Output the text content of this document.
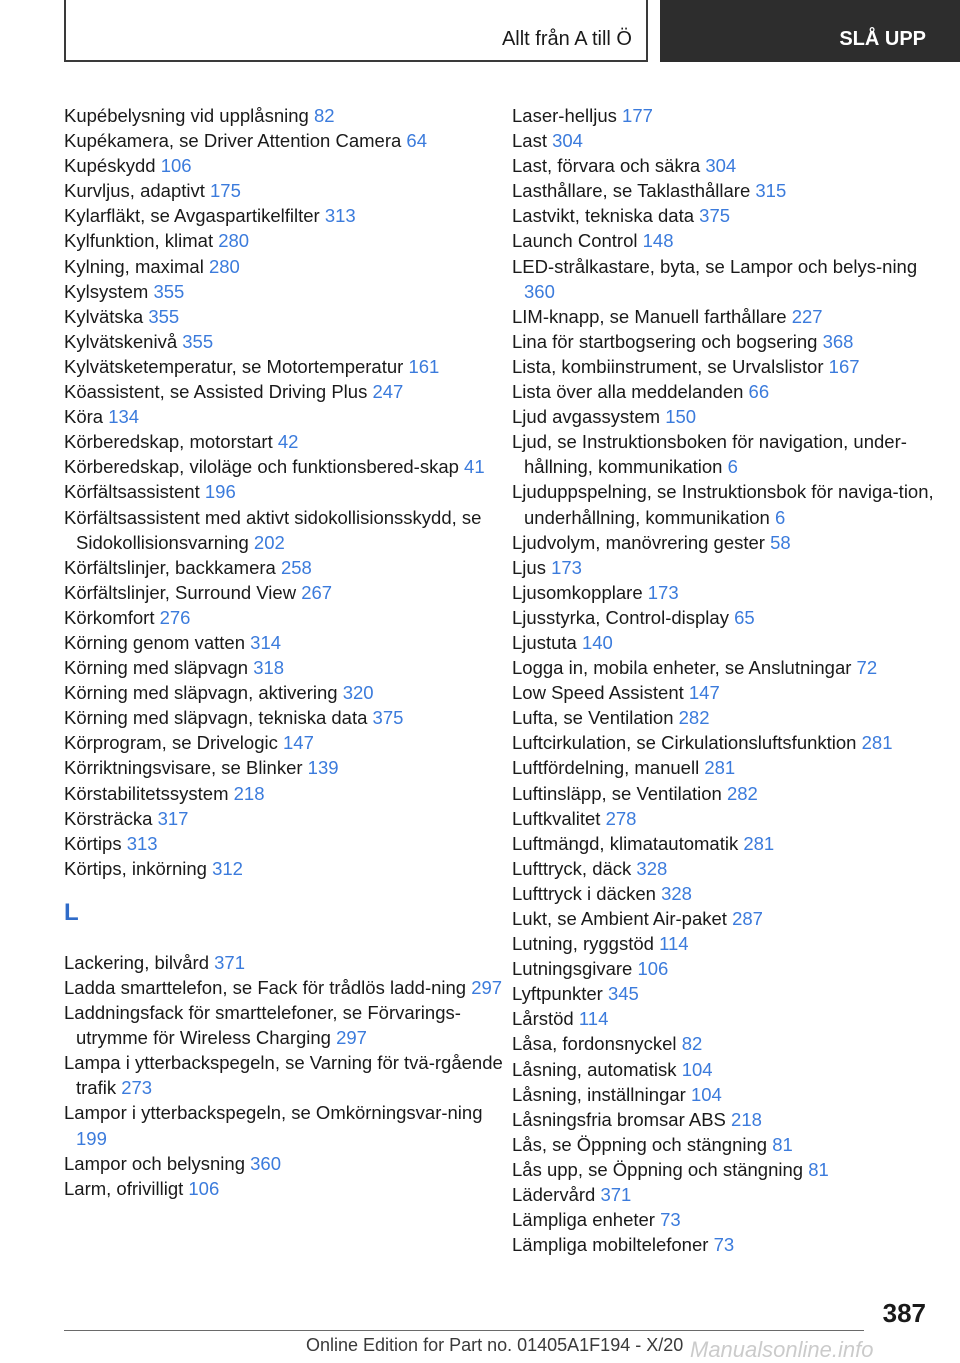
Allt från A till Ö	SLÅ UPP
Kupébelysning vid upplåsning 82
Kupékamera, se Driver Attention Camera 64
Kupéskydd 106
Kurvljus, adaptivt 175
Kylarfläkt, se Avgaspartikelfilter 313
Kylfunktion, klimat 280
Kylning, maximal 280
Kylsystem 355
Kylvätska 355
Kylvätskenivå 355
Kylvätsketemperatur, se Motortemperatur 161
Köassistent, se Assisted Driving Plus 247
Köra 134
Körberedskap, motorstart 42
Körberedskap, viloläge och funktionsbered-skap 41
Körfältsassistent 196
Körfältsassistent med aktivt sidokollisionsskydd, se Sidokollisionsvarning 202
Körfältslinjer, backkamera 258
Körfältslinjer, Surround View 267
Körkomfort 276
Körning genom vatten 314
Körning med släpvagn 318
Körning med släpvagn, aktivering 320
Körning med släpvagn, tekniska data 375
Körprogram, se Drivelogic 147
Körriktningsvisare, se Blinker 139
Körstabilitetssystem 218
Körsträcka 317
Körtips 313
Körtips, inkörning 312
L
Lackering, bilvård 371
Ladda smarttelefon, se Fack för trådlös ladd-ning 297
Laddningsfack för smarttelefoner, se Förvarings-utrymme för Wireless Charging 297
Lampa i ytterbackspegeln, se Varning för tvä-rgående trafik 273
Lampor i ytterbackspegeln, se Omkörningsvar-ning 199
Lampor och belysning 360
Larm, ofrivilligt 106
Laser-helljus 177
Last 304
Last, förvara och säkra 304
Lasthållare, se Taklasthållare 315
Lastvikt, tekniska data 375
Launch Control 148
LED-strålkastare, byta, se Lampor och belys-ning 360
LIM-knapp, se Manuell farthållare 227
Lina för startbogsering och bogsering 368
Lista, kombiinstrument, se Urvalslistor 167
Lista över alla meddelanden 66
Ljud avgassystem 150
Ljud, se Instruktionsboken för navigation, under-hållning, kommunikation 6
Ljuduppspelning, se Instruktionsbok för naviga-tion, underhållning, kommunikation 6
Ljudvolym, manövrering gester 58
Ljus 173
Ljusomkopplare 173
Ljusstyrka, Control-display 65
Ljustuta 140
Logga in, mobila enheter, se Anslutningar 72
Low Speed Assistent 147
Lufta, se Ventilation 282
Luftcirkulation, se Cirkulationsluftsfunktion 281
Luftfördelning, manuell 281
Luftinsläpp, se Ventilation 282
Luftkvalitet 278
Luftmängd, klimatautomatik 281
Lufttryck, däck 328
Lufttryck i däcken 328
Lukt, se Ambient Air-paket 287
Lutning, ryggstöd 114
Lutningsgivare 106
Lyftpunkter 345
Lårstöd 114
Låsa, fordonsnyckel 82
Låsning, automatisk 104
Låsning, inställningar 104
Låsningsfria bromsar ABS 218
Lås, se Öppning och stängning 81
Lås upp, se Öppning och stängning 81
Lädervård 371
Lämpliga enheter 73
Lämpliga mobiltelefoner 73
387
Online Edition for Part no. 01405A1F194 - X/20 Manualsonline.info
